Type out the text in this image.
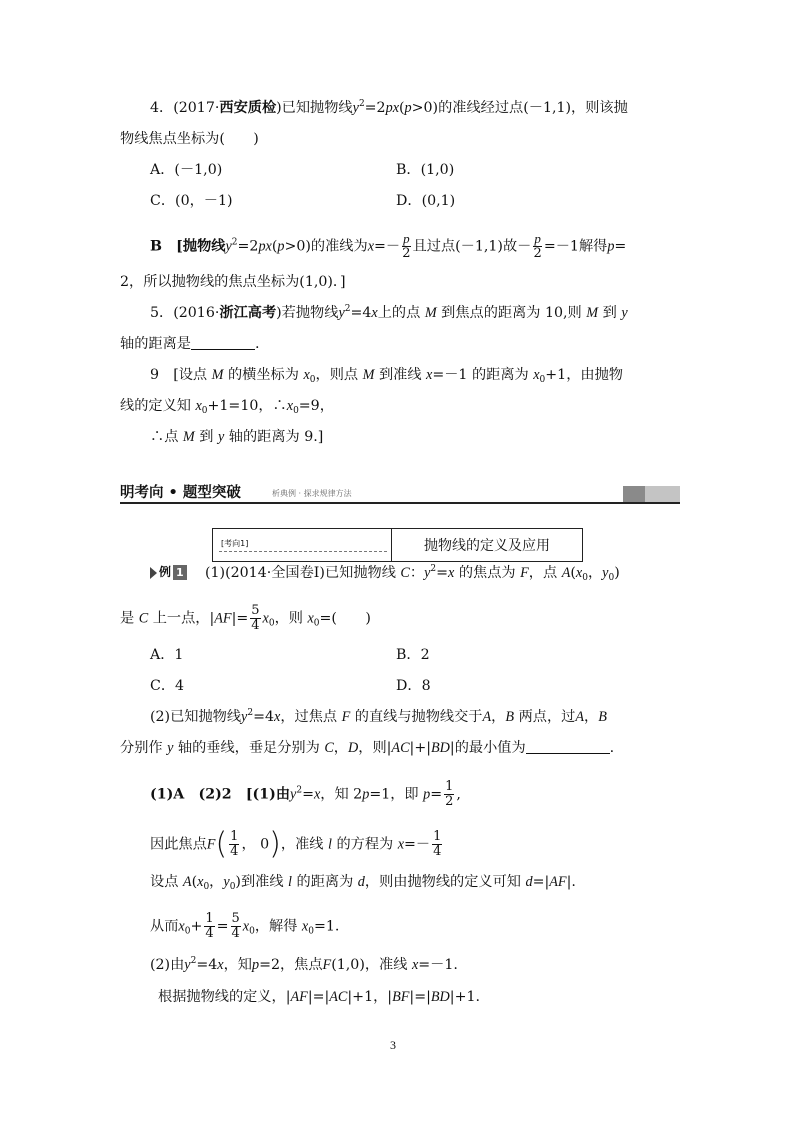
4．(2017·西安质检)已知抛物线$y^2=2px(p>0)$的准线经过点(－1,1)，则该抛
物线焦点坐标为(　　)
A．(－1,0)	B．(1,0)
C．(0，－1)	D．(0,1)
B　[抛物线$y^2=2px(p>0)$的准线为$x=- \frac{p}{2}$ 且过点(－1,1)故－ $\frac{p}{2} =-1$解得p=
2，所以抛物线的焦点坐标为(1,0)．]
5．(2016·浙江高考)若抛物线$y^2=4x$上的点 M 到焦点的距离为 10,则 M 到 y
轴的距离是	.
9　[设点 M 的横坐标为 $x_0$，则点 M 到准线 x=－1 的距离为 $x_0+1$，由抛物
线的定义知 $x_0+1=10$，$\therefore x_0=9$，
∴点 M 到 y 轴的距离为 9.]
明考向 • 题型突破	析典例 · 探求规律方法
[考向1]	抛物线的定义及应用
例 1 (1)(2014·全国卷Ⅰ)已知抛物线 C：$y^2=x$ 的焦点为 F，点 $A(x_0$，$y_0$)
是 C 上一点，$|AF|= \frac{5}{4} x_0$，则 $x_0=$(　　)
A．1	B．2
C．4	D．8
(2)已知抛物线$y^2=4x$，过焦点 F 的直线与抛物线交于A，B 两点，过A，B
分别作 y 轴的垂线，垂足分别为 C，D，则|AC|+|BD|的最小值为	.
(1)A　(2)2　[(1)由$y^2=x$，知 2p=1，即 $p= \frac{1}{2}$ ,
因此焦点$F( \frac{1}{4}$ ， 0)，准线 l 的方程为 $x=- \frac{1}{4}$
设点 $A(x_0$，$y_0$)到准线 l 的距离为 d，则由抛物线的定义可知 d=|AF|.
从而$x_0+ \frac{1}{4} = \frac{5}{4} x_0$，解得 $x_0=1$.
(2)由$y^2=4x$，知p=2，焦点F(1,0)，准线 x=－1.
根据抛物线的定义，|AF|=|AC|+1，|BF|=|BD|+1.
3
